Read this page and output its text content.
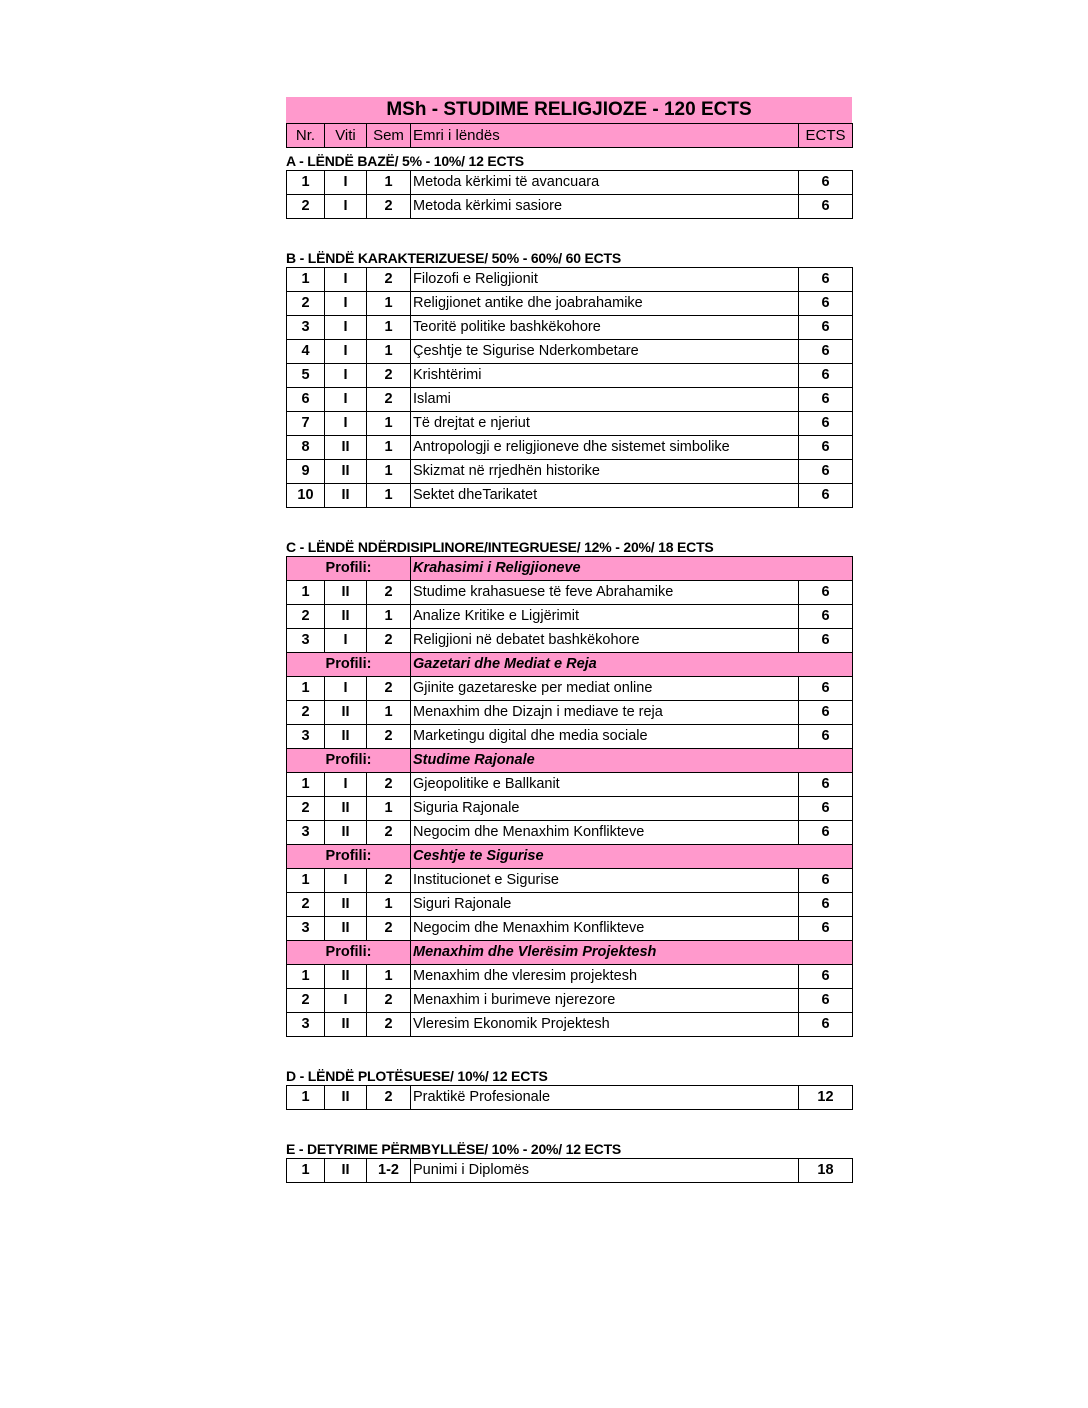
MSh - STUDIME RELIGJIOZE - 120 ECTS
Nr.	Viti	Sem	Emri i lëndës	ECTS
A - LËNDË BAZË/ 5% - 10%/ 12 ECTS
1	I	1	Metoda kërkimi të avancuara	6
2	I	2	Metoda kërkimi sasiore	6
B - LËNDË KARAKTERIZUESE/ 50% - 60%/ 60 ECTS
1	I	2	Filozofi e Religjionit	6
2	I	1	Religjionet antike dhe joabrahamike	6
3	I	1	Teoritë politike bashkëkohore	6
4	I	1	Çeshtje te Sigurise Nderkombetare	6
5	I	2	Krishtërimi	6
6	I	2	Islami	6
7	I	1	Të drejtat e njeriut	6
8	II	1	Antropologji e religjioneve dhe sistemet simbolike	6
9	II	1	Skizmat në rrjedhën historike	6
10	II	1	Sektet dheTarikatet	6
C - LËNDË NDËRDISIPLINORE/INTEGRUESE/ 12% - 20%/ 18 ECTS
Profili:			Krahasimi i Religjioneve	
1	II	2	Studime krahasuese të feve Abrahamike	6
2	II	1	Analize Kritike e Ligjërimit	6
3	I	2	Religjioni në debatet bashkëkohore	6
Profili:			Gazetari dhe Mediat e Reja	
1	I	2	Gjinite gazetareske per mediat online	6
2	II	1	Menaxhim dhe Dizajn i mediave te reja	6
3	II	2	Marketingu digital dhe media sociale	6
Profili:			Studime Rajonale	
1	I	2	Gjeopolitike e Ballkanit	6
2	II	1	Siguria Rajonale	6
3	II	2	Negocim dhe Menaxhim Konflikteve	6
Profili:			Ceshtje te Sigurise	
1	I	2	Institucionet e Sigurise	6
2	II	1	Siguri Rajonale	6
3	II	2	Negocim dhe Menaxhim Konflikteve	6
Profili:			Menaxhim dhe Vlerësim Projektesh	
1	II	1	Menaxhim dhe vleresim projektesh	6
2	I	2	Menaxhim i burimeve njerezore	6
3	II	2	Vleresim Ekonomik Projektesh	6
D - LËNDË PLOTËSUESE/ 10%/ 12 ECTS
1	II	2	Praktikë Profesionale	12
E - DETYRIME PËRMBYLLËSE/ 10% - 20%/ 12 ECTS
1	II	1-2	Punimi i Diplomës	18
